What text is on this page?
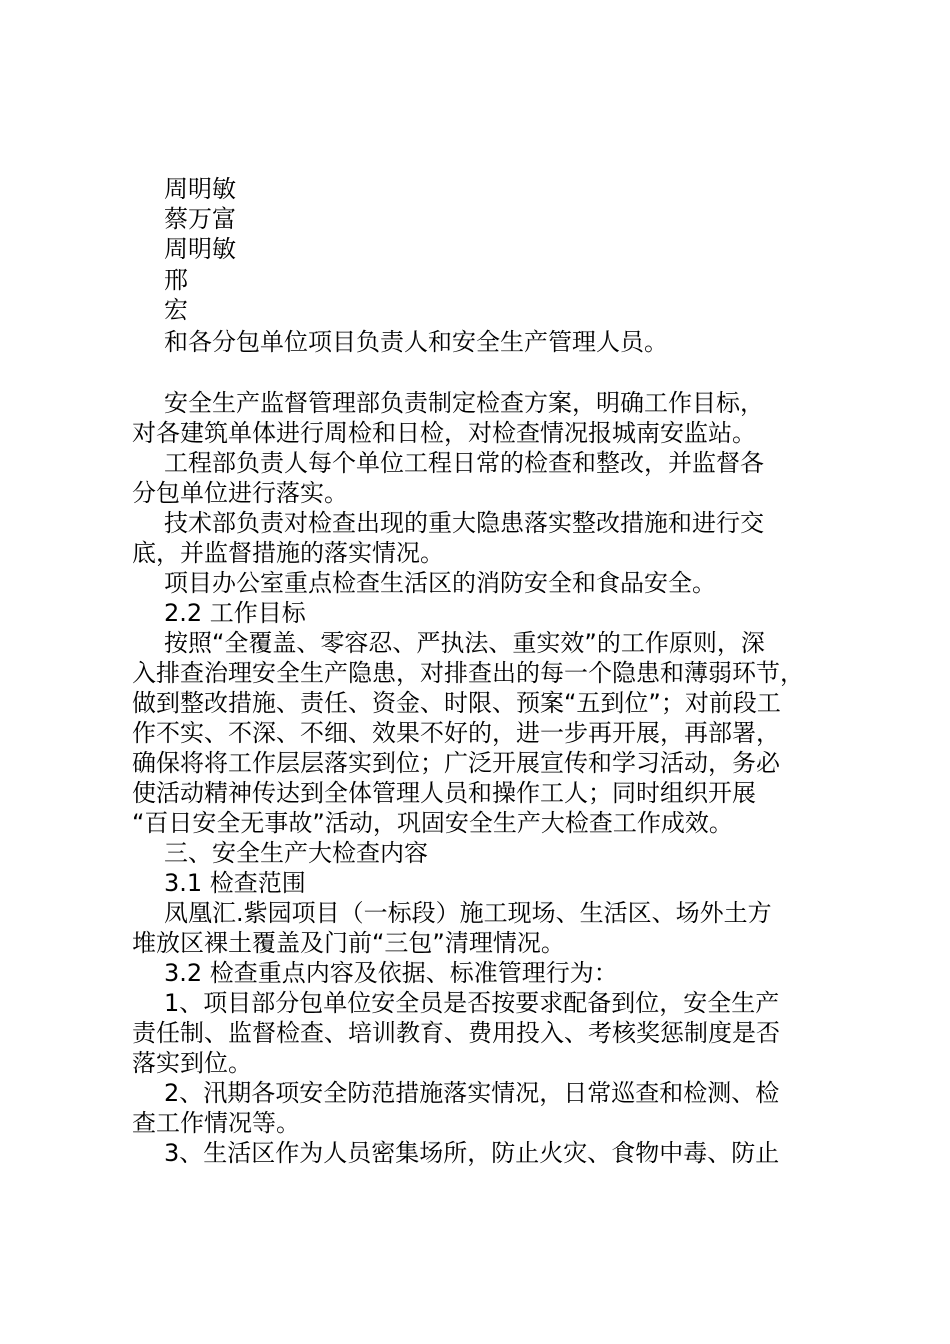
周明敏
蔡万富
周明敏
邢
宏
和各分包单位项目负责人和安全生产管理人员。
安全生产监督管理部负责制定检查方案，明确工作目标，
对各建筑单体进行周检和日检，对检查情况报城南安监站。
工程部负责人每个单位工程日常的检查和整改，并监督各
分包单位进行落实。
技术部负责对检查出现的重大隐患落实整改措施和进行交
底，并监督措施的落实情况。
项目办公室重点检查生活区的消防安全和食品安全。
2.2 工作目标
按照“全覆盖、零容忍、严执法、重实效”的工作原则，深
入排查治理安全生产隐患，对排查出的每一个隐患和薄弱环节，
做到整改措施、责任、资金、时限、预案“五到位”；对前段工
作不实、不深、不细、效果不好的，进一步再开展，再部署，
确保将将工作层层落实到位；广泛开展宣传和学习活动，务必
使活动精神传达到全体管理人员和操作工人；同时组织开展
“百日安全无事故”活动，巩固安全生产大检查工作成效。
三、安全生产大检查内容
3.1 检查范围
凤凰汇.紫园项目（一标段）施工现场、生活区、场外土方
堆放区裸土覆盖及门前“三包”清理情况。
3.2 检查重点内容及依据、标准管理行为：
1、项目部分包单位安全员是否按要求配备到位，安全生产
责任制、监督检查、培训教育、费用投入、考核奖惩制度是否
落实到位。
2、汛期各项安全防范措施落实情况，日常巡查和检测、检
查工作情况等。
3、生活区作为人员密集场所，防止火灾、食物中毒、防止
